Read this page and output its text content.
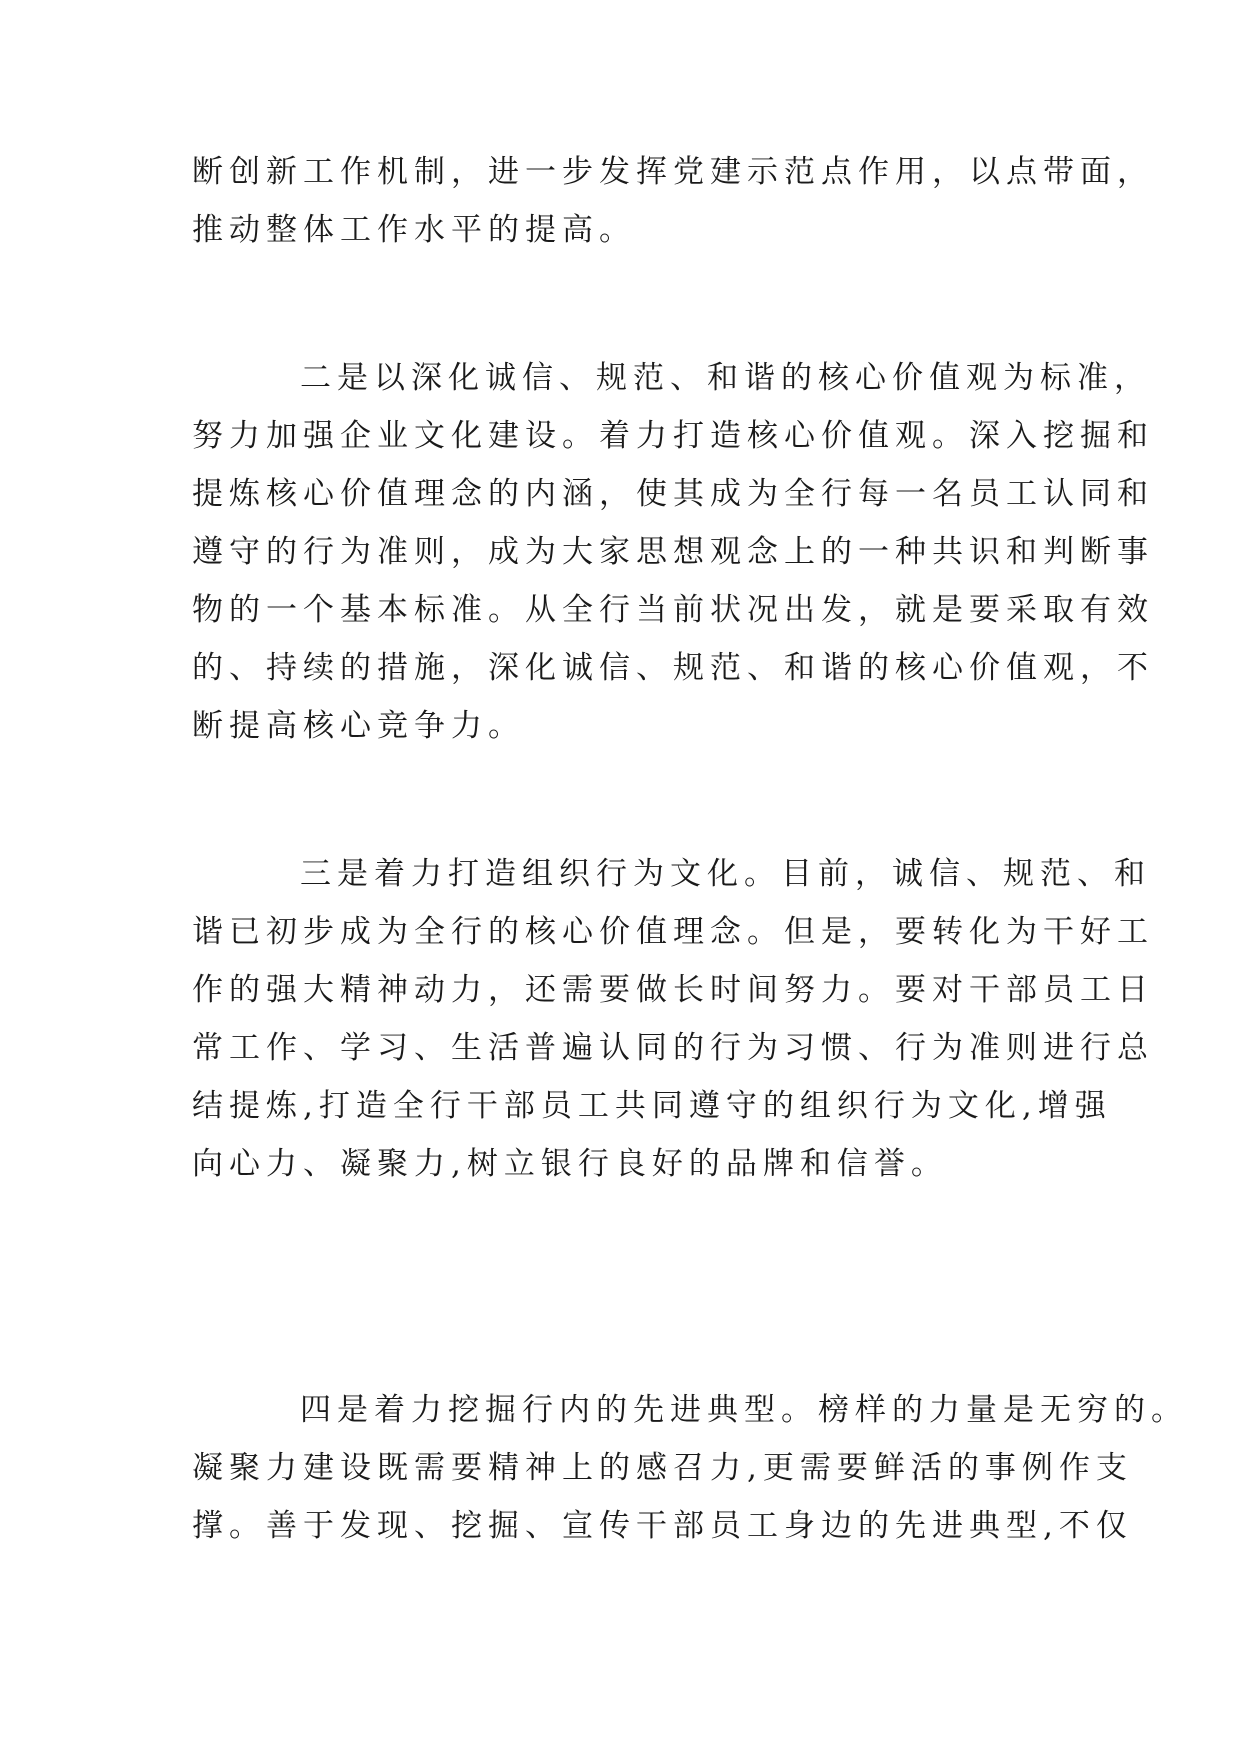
断创新工作机制，进一步发挥党建示范点作用，以点带面，
推动整体工作水平的提高。
二是以深化诚信、规范、和谐的核心价值观为标准，
努力加强企业文化建设。着力打造核心价值观。深入挖掘和
提炼核心价值理念的内涵，使其成为全行每一名员工认同和
遵守的行为准则，成为大家思想观念上的一种共识和判断事
物的一个基本标准。从全行当前状况出发，就是要采取有效
的、持续的措施，深化诚信、规范、和谐的核心价值观，不
断提高核心竞争力。
三是着力打造组织行为文化。目前，诚信、规范、和
谐已初步成为全行的核心价值理念。但是，要转化为干好工
作的强大精神动力，还需要做长时间努力。要对干部员工日
常工作、学习、生活普遍认同的行为习惯、行为准则进行总
结提炼,打造全行干部员工共同遵守的组织行为文化,增强
向心力、凝聚力,树立银行良好的品牌和信誉。
四是着力挖掘行内的先进典型。榜样的力量是无穷的。
凝聚力建设既需要精神上的感召力,更需要鲜活的事例作支
撑。善于发现、挖掘、宣传干部员工身边的先进典型,不仅
